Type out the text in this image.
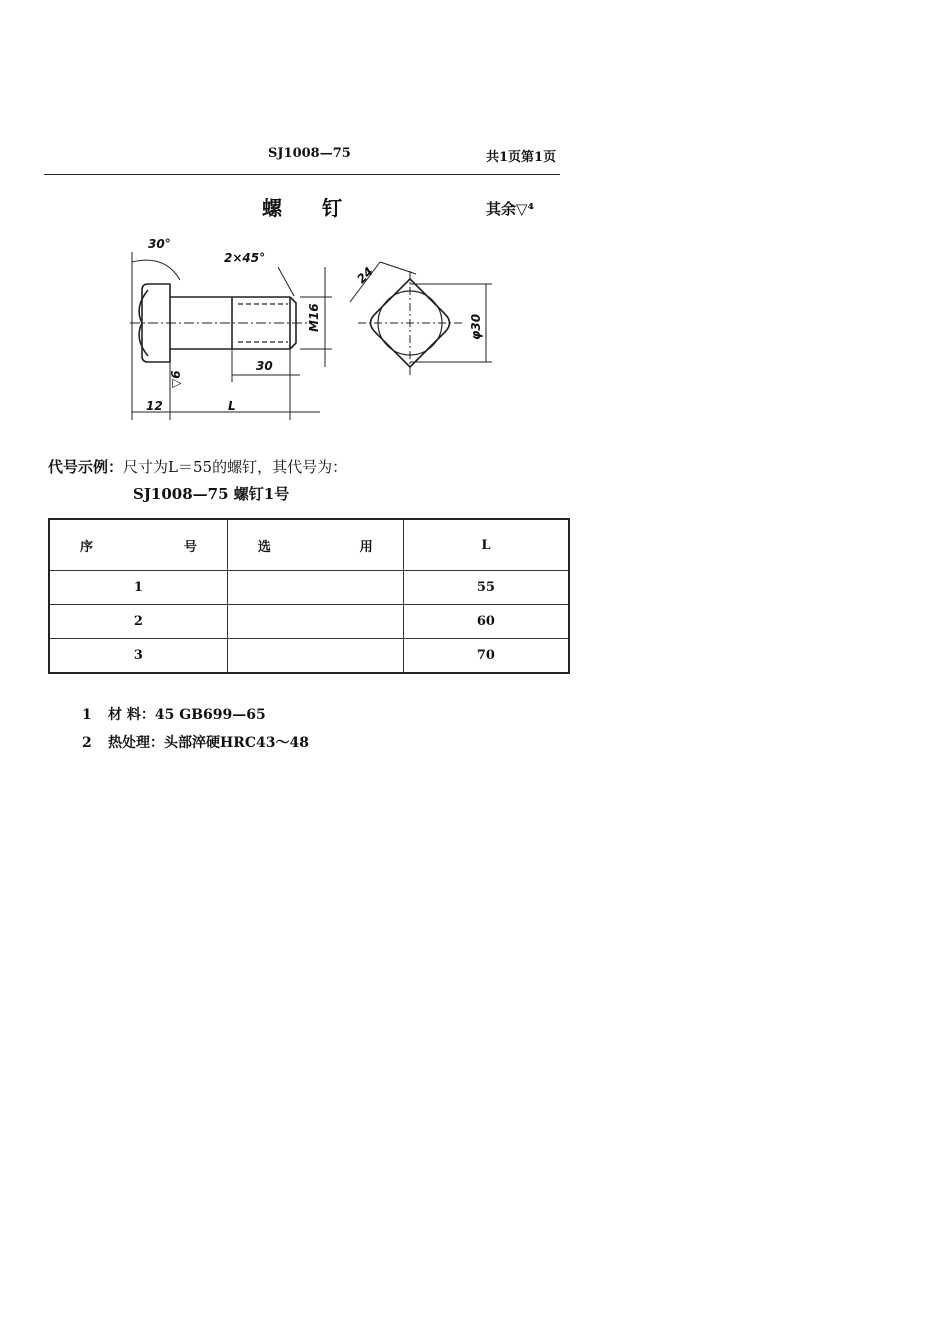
SJ1008—75	共1页第1页
螺钉	其余▽⁴
30°
2×45°
M16
30
12	L
▽6
24
φ30
代号示例：尺寸为L＝55的螺钉，其代号为：
SJ1008—75 螺钉1号
序 号	选 用	L
1		55
2		60
3		70
1 材 料：45 GB699—65
2 热处理：头部淬硬HRC43～48
